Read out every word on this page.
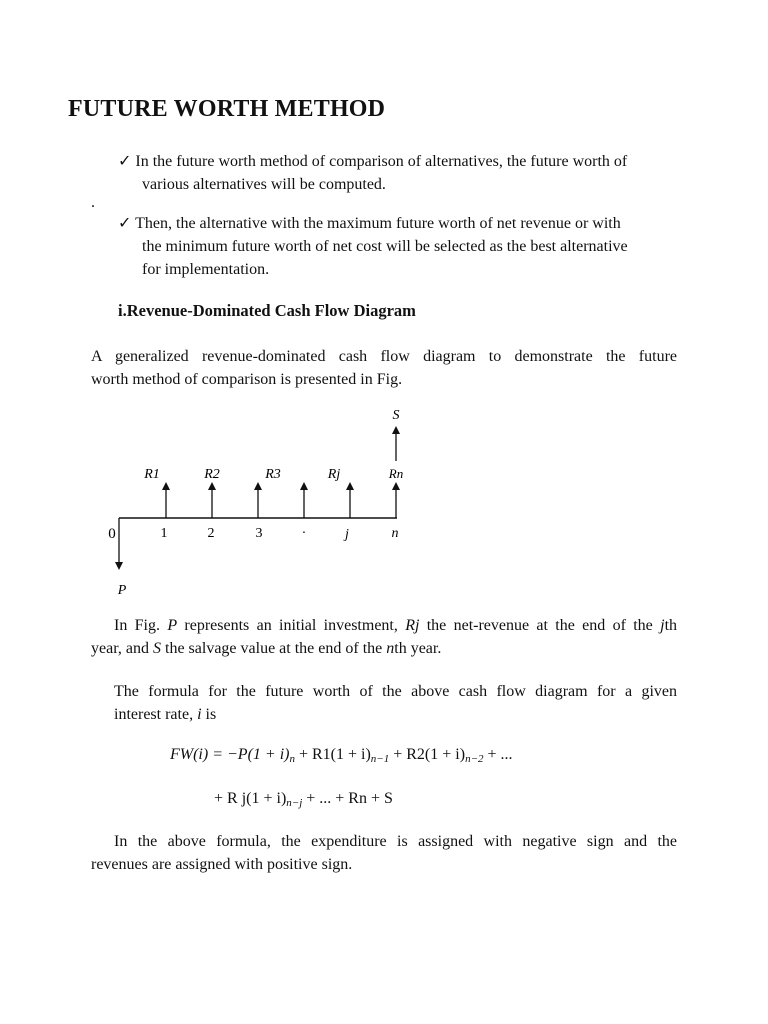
FUTURE WORTH METHOD
✓ In the future worth method of comparison of alternatives, the future worth of
various alternatives will be computed.
.
✓ Then, the alternative with the maximum future worth of net revenue or with
the minimum future worth of net cost will be selected as the best alternative
for implementation.
i.Revenue-Dominated Cash Flow Diagram
A generalized revenue-dominated cash flow diagram to demonstrate the future
worth method of comparison is presented in Fig.
S
R1	R2	R3	Rj	Rn
0	1	2	3	·	j	n
P
In Fig. P represents an initial investment, Rj the net-revenue at the end of the jth
year, and S the salvage value at the end of the nth year.
The formula for the future worth of the above cash flow diagram for a given
interest rate, i is
$FW(i) = -P(1 + i)_n + R1(1 + i)_{n-1} + R2(1 + i)_{n-2}$ + ...
+ R $j(1 + i)_{n-j}$ + ... + Rn + S
In the above formula, the expenditure is assigned with negative sign and the
revenues are assigned with positive sign.
